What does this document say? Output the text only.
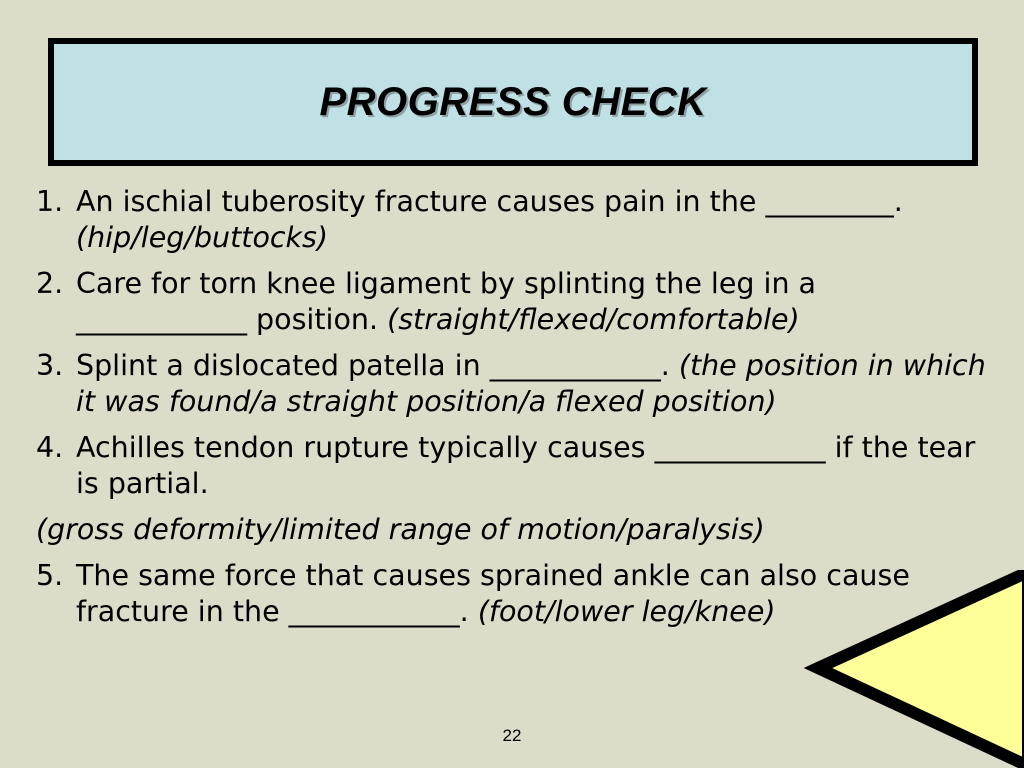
PROGRESS CHECK
1. An ischial tuberosity fracture causes pain in the _________. (hip/leg/buttocks)
2. Care for torn knee ligament by splinting the leg in a ____________ position. (straight/flexed/comfortable)
3. Splint a dislocated patella in ____________. (the position in which it was found/a straight position/a flexed position)
4. Achilles tendon rupture typically causes ____________ if the tear is partial.
(gross deformity/limited range of motion/paralysis)
5. The same force that causes sprained ankle can also cause fracture in the ____________. (foot/lower leg/knee)
22
